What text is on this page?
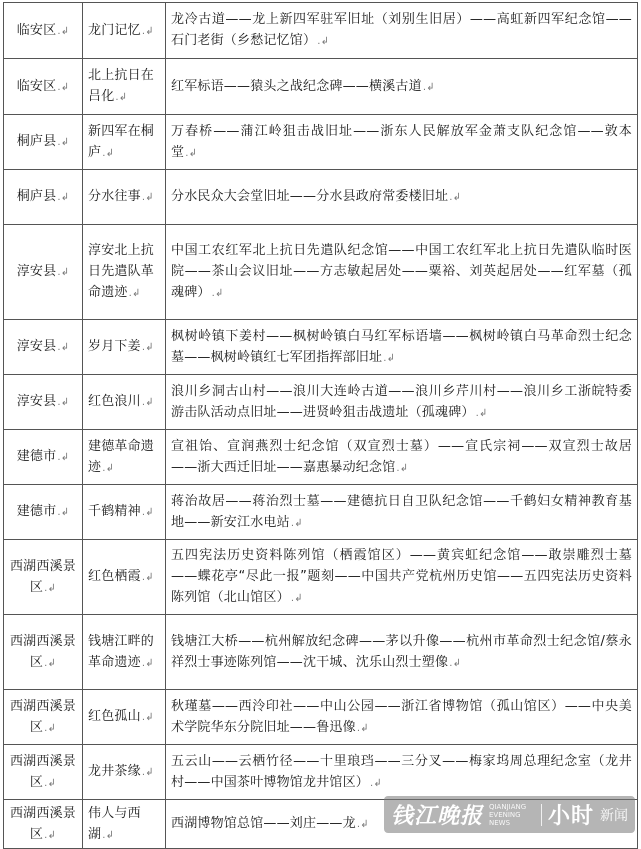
临安区.↲	龙门记忆.↲	龙冷古道——龙上新四军驻军旧址（刘别生旧居）——高虹新四军纪念馆——石门老街（乡愁记忆馆）.↲
临安区.↲	北上抗日在吕化.↲	红军标语——猿头之战纪念碑——横溪古道.↲
桐庐县.↲	新四军在桐庐.↲	万春桥——蒲江岭狙击战旧址——浙东人民解放军金萧支队纪念馆——敦本堂.↲
桐庐县.↲	分水往事.↲	分水民众大会堂旧址——分水县政府常委楼旧址.↲
淳安县.↲	淳安北上抗日先遣队革命遗迹.↲	中国工农红军北上抗日先遣队纪念馆——中国工农红军北上抗日先遣队临时医院——茶山会议旧址——方志敏起居处——粟裕、刘英起居处——红军墓（孤魂碑）.↲
淳安县.↲	岁月下姜.↲	枫树岭镇下姜村——枫树岭镇白马红军标语墙——枫树岭镇白马革命烈士纪念墓——枫树岭镇红七军团指挥部旧址.↲
淳安县.↲	红色浪川.↲	浪川乡洞古山村——浪川大连岭古道——浪川乡芹川村——浪川乡工浙皖特委游击队活动点旧址——进贤岭狙击战遗址（孤魂碑）.↲
建德市.↲	建德革命遗迹.↲	宣祖饴、宣润燕烈士纪念馆（双宣烈士墓）——宣氏宗祠——双宣烈士故居——浙大西迁旧址——嘉惠暴动纪念馆.↲
建德市.↲	千鹤精神.↲	蒋治故居——蒋治烈士墓——建德抗日自卫队纪念馆——千鹤妇女精神教育基地——新安江水电站.↲
西湖西溪景区.↲	红色栖霞.↲	五四宪法历史资料陈列馆（栖霞馆区）——黄宾虹纪念馆——敢崇雕烈士墓——蝶花亭“尽此一报”题刻——中国共产党杭州历史馆——五四宪法历史资料陈列馆（北山馆区）.↲
西湖西溪景区.↲	钱塘江畔的革命遗迹.↲	钱塘江大桥——杭州解放纪念碑——茅以升像——杭州市革命烈士纪念馆/蔡永祥烈士事迹陈列馆——沈干城、沈乐山烈士塑像.↲
西湖西溪景区.↲	红色孤山.↲	秋瑾墓——西泠印社——中山公园——浙江省博物馆（孤山馆区）——中央美术学院华东分院旧址——鲁迅像.↲
西湖西溪景区.↲	龙井茶缘.↲	五云山——云栖竹径——十里琅珰——三分叉——梅家坞周总理纪念室（龙井村——中国茶叶博物馆龙井馆区）.↲
西湖西溪景区.↲	伟人与西湖.↲	西湖博物馆总馆——刘庄——龙.↲ 钱江晚报 QIANJIANG EVENING NEWS	小时 新闻
